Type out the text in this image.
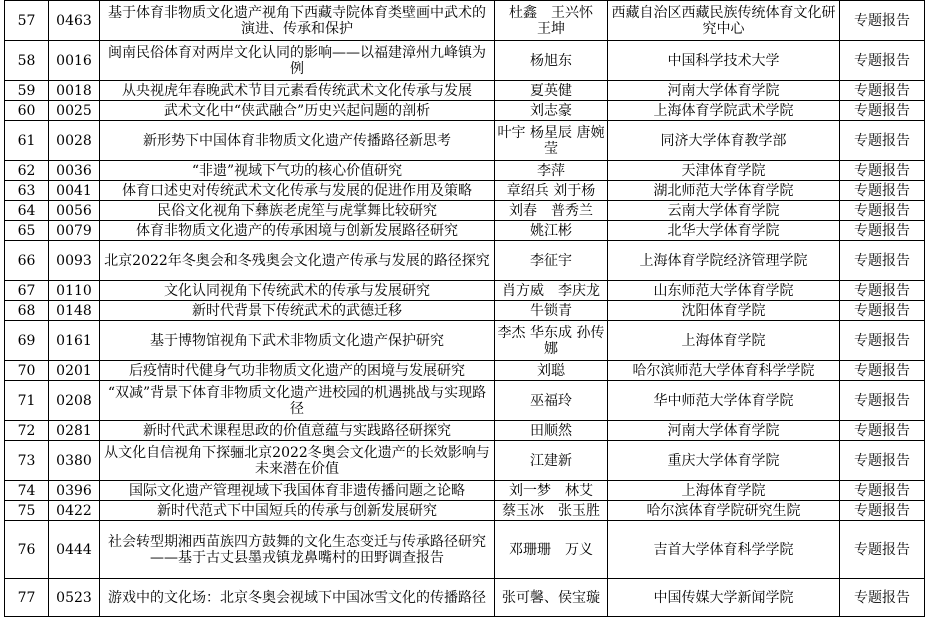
57	0463	基于体育非物质文化遗产视角下西藏寺院体育类壁画中武术的演进、传承和保护	杜鑫　王兴怀　王坤	西藏自治区西藏民族传统体育文化研究中心	专题报告
58	0016	闽南民俗体育对两岸文化认同的影响——以福建漳州九峰镇为例	杨旭东	中国科学技术大学	专题报告
59	0018	从央视虎年春晚武术节目元素看传统武术文化传承与发展	夏英健	河南大学体育学院	专题报告
60	0025	武术文化中“侠武融合”历史兴起问题的剖析	刘志豪	上海体育学院武术学院	专题报告
61	0028	新形势下中国体育非物质文化遗产传播路径新思考	叶宇 杨星辰 唐婉莹	同济大学体育教学部	专题报告
62	0036	“非遗”视域下气功的核心价值研究	李萍	天津体育学院	专题报告
63	0041	体育口述史对传统武术文化传承与发展的促进作用及策略	章绍兵 刘于杨	湖北师范大学体育学院	专题报告
64	0056	民俗文化视角下彝族老虎笙与虎掌舞比较研究	刘春　普秀兰	云南大学体育学院	专题报告
65	0079	体育非物质文化遗产的传承困境与创新发展路径研究	姚江彬	北华大学体育学院	专题报告
66	0093	北京2022年冬奥会和冬残奥会文化遗产传承与发展的路径探究	李征宇	上海体育学院经济管理学院	专题报告
67	0110	文化认同视角下传统武术的传承与发展研究	肖方威　李庆龙	山东师范大学体育学院	专题报告
68	0148	新时代背景下传统武术的武德迁移	牛锁青	沈阳体育学院	专题报告
69	0161	基于博物馆视角下武术非物质文化遗产保护研究	李杰 华东成 孙传娜	上海体育学院	专题报告
70	0201	后疫情时代健身气功非物质文化遗产的困境与发展研究	刘聪	哈尔滨师范大学体育科学学院	专题报告
71	0208	“双减”背景下体育非物质文化遗产进校园的机遇挑战与实现路径	巫福玲	华中师范大学体育学院	专题报告
72	0281	新时代武术课程思政的价值意蕴与实践路径研探究	田顺然	河南大学体育学院	专题报告
73	0380	从文化自信视角下探骊北京2022冬奥会文化遗产的长效影响与未来潜在价值	江建新	重庆大学体育学院	专题报告
74	0396	国际文化遗产管理视域下我国体育非遗传播问题之论略	刘一梦　林艾	上海体育学院	专题报告
75	0422	新时代范式下中国短兵的传承与创新发展研究	蔡玉冰　张玉胜	哈尔滨体育学院研究生院	专题报告
76	0444	社会转型期湘西苗族四方鼓舞的文化生态变迁与传承路径研究
——基于古丈县墨戎镇龙鼻嘴村的田野调查报告	邓珊珊　万义	吉首大学体育科学学院	专题报告
77	0523	游戏中的文化场：北京冬奥会视域下中国冰雪文化的传播路径	张可馨、侯宝璇	中国传媒大学新闻学院	专题报告
